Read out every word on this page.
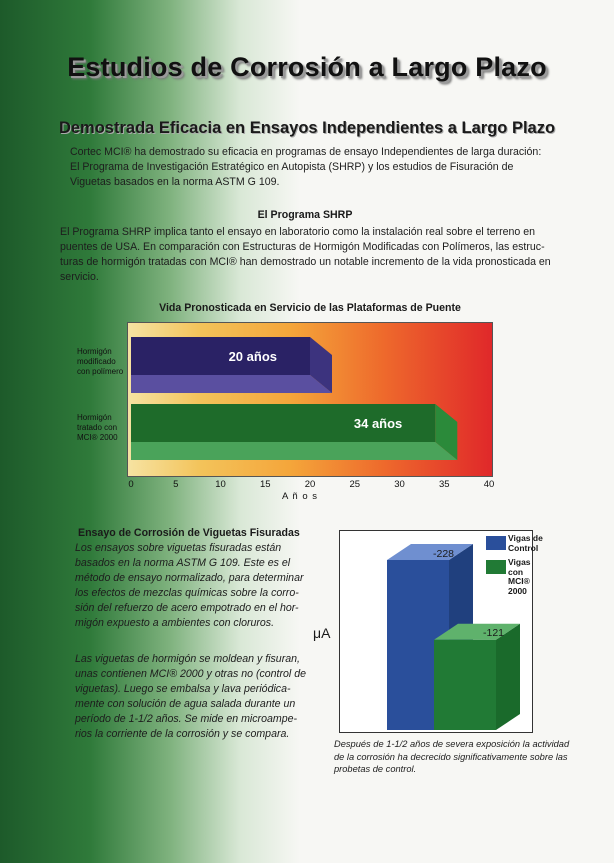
Estudios de Corrosión a Largo Plazo
Demostrada Eficacia en Ensayos Independientes a Largo Plazo
Cortec MCI® ha demostrado su eficacia en programas de ensayo Independientes de larga duración:
El Programa de Investigación Estratégico en Autopista (SHRP) y los estudios de Fisuración de
Viguetas basados en la norma ASTM G 109.
El Programa SHRP
El Programa SHRP implica tanto el ensayo en laboratorio como la instalación real sobre el terreno en
puentes de USA. En comparación con Estructuras de Hormigón Modificadas con Polímeros, las estruc-
turas de hormigón tratadas con MCI® han demostrado un notable incremento de la vida pronosticada en
servicio.
Vida Pronosticada en Servicio de las Plataformas de Puente
20 años
34 años
Hormigón
modificado
con polímero
Hormigón
tratado con
MCI® 2000
0	5	10	15	20	25	30	35	40
A ñ o s
Ensayo de Corrosión de Viguetas Fisuradas
Los ensayos sobre viguetas fisuradas están
basados en la norma ASTM G 109. Este es el
método de ensayo normalizado, para determinar
los efectos de mezclas químicas sobre la corro-
sión del refuerzo de acero empotrado en el hor-
migón expuesto a ambientes con cloruros.
Las viguetas de hormigón se moldean y fisuran,
unas contienen MCI® 2000 y otras no (control de
viguetas). Luego se embalsa y lava periódica-
mente con solución de agua salada durante un
período de 1-1/2 años. Se mide en microampe-
rios la corriente de la corrosión y se compara.
μA
Vigas de
Control
Vigas con
MCI® 2000
-228
-121
Después de 1-1/2 años de severa exposición la actividad
de la corrosión ha decrecido significativamente sobre las
probetas de control.
